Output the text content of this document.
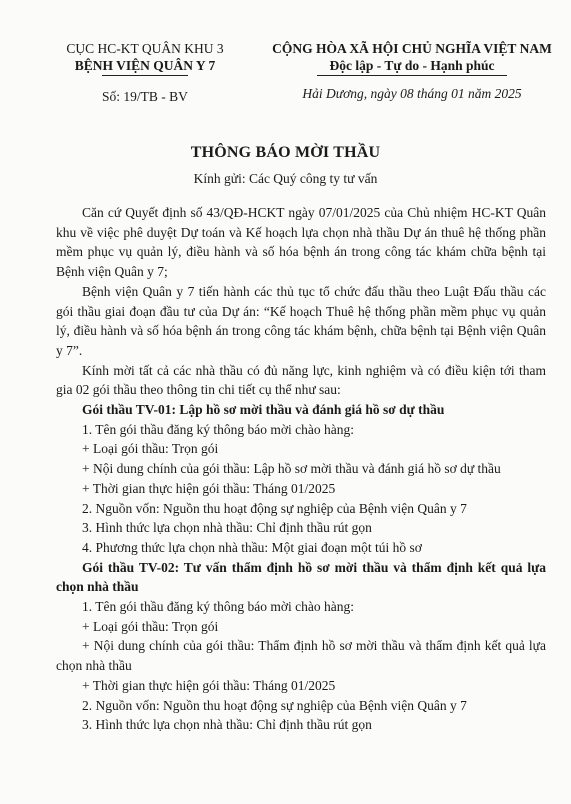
CỤC HC-KT QUÂN KHU 3
BỆNH VIỆN QUÂN Y 7
Số: 19/TB - BV
CỘNG HÒA XÃ HỘI CHỦ NGHĨA VIỆT NAM
Độc lập - Tự do - Hạnh phúc
Hải Dương, ngày 08 tháng 01 năm 2025
THÔNG BÁO MỜI THẦU
Kính gửi: Các Quý công ty tư vấn

Căn cứ Quyết định số 43/QĐ-HCKT ngày 07/01/2025 của Chủ nhiệm HC-KT Quân khu về việc phê duyệt Dự toán và Kế hoạch lựa chọn nhà thầu Dự án thuê hệ thống phần mềm phục vụ quản lý, điều hành và số hóa bệnh án trong công tác khám chữa bệnh tại Bệnh viện Quân y 7;

Bệnh viện Quân y 7 tiến hành các thủ tục tổ chức đấu thầu theo Luật Đấu thầu các gói thầu giai đoạn đầu tư của Dự án: “Kế hoạch Thuê hệ thống phần mềm phục vụ quản lý, điều hành và số hóa bệnh án trong công tác khám bệnh, chữa bệnh tại Bệnh viện Quân y 7”.

Kính mời tất cả các nhà thầu có đủ năng lực, kinh nghiệm và có điều kiện tới tham gia 02 gói thầu theo thông tin chi tiết cụ thể như sau:

Gói thầu TV-01: Lập hồ sơ mời thầu và đánh giá hồ sơ dự thầu

1. Tên gói thầu đăng ký thông báo mời chào hàng:

+ Loại gói thầu: Trọn gói

+ Nội dung chính của gói thầu: Lập hồ sơ mời thầu và đánh giá hồ sơ dự thầu

+ Thời gian thực hiện gói thầu: Tháng 01/2025

2. Nguồn vốn: Nguồn thu hoạt động sự nghiệp của Bệnh viện Quân y 7

3. Hình thức lựa chọn nhà thầu: Chỉ định thầu rút gọn

4. Phương thức lựa chọn nhà thầu: Một giai đoạn một túi hồ sơ

Gói thầu TV-02: Tư vấn thẩm định hồ sơ mời thầu và thẩm định kết quả lựa chọn nhà thầu

1. Tên gói thầu đăng ký thông báo mời chào hàng:

+ Loại gói thầu: Trọn gói

+ Nội dung chính của gói thầu: Thẩm định hồ sơ mời thầu và thẩm định kết quả lựa chọn nhà thầu

+ Thời gian thực hiện gói thầu: Tháng 01/2025

2. Nguồn vốn: Nguồn thu hoạt động sự nghiệp của Bệnh viện Quân y 7

3. Hình thức lựa chọn nhà thầu: Chỉ định thầu rút gọn
